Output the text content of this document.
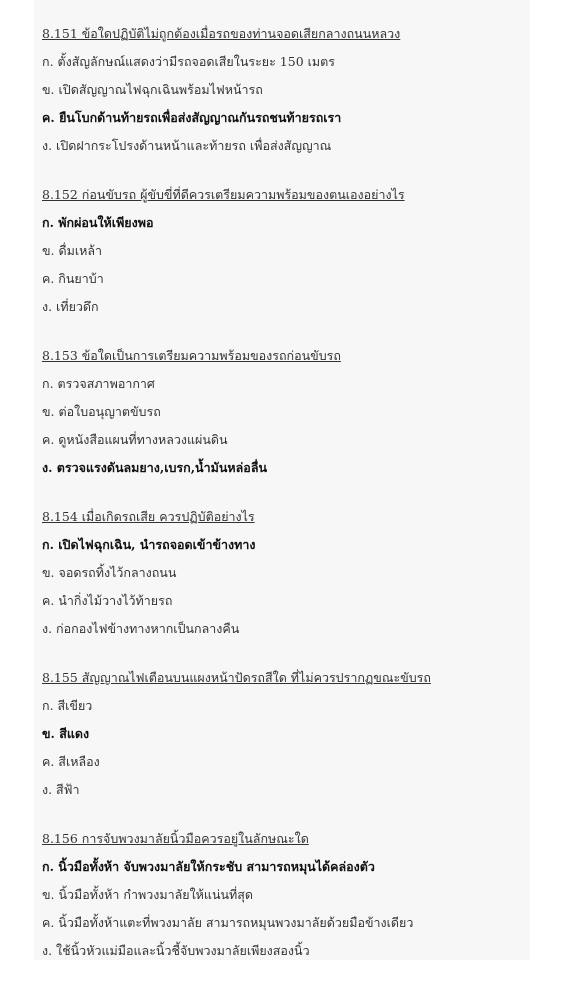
8.151 ข้อใดปฏิบัติไม่ถูกต้องเมื่อรถของท่านจอดเสียกลางถนนหลวง
ก. ตั้งสัญลักษณ์แสดงว่ามีรถจอดเสียในระยะ 150 เมตร
ข. เปิดสัญญาณไฟฉุกเฉินพร้อมไฟหน้ารถ
ค. ยืนโบกด้านท้ายรถเพื่อส่งสัญญาณกันรถชนท้ายรถเรา
ง. เปิดฝากระโปรงด้านหน้าและท้ายรถ เพื่อส่งสัญญาณ
8.152 ก่อนขับรถ ผู้ขับขี่ที่ดีควรเตรียมความพร้อมของตนเองอย่างไร
ก. พักผ่อนให้เพียงพอ
ข. ดื่มเหล้า
ค. กินยาบ้า
ง. เที่ยวดึก
8.153 ข้อใดเป็นการเตรียมความพร้อมของรถก่อนขับรถ
ก. ตรวจสภาพอากาศ
ข. ต่อใบอนุญาตขับรถ
ค. ดูหนังสือแผนที่ทางหลวงแผ่นดิน
ง. ตรวจแรงดันลมยาง,เบรก,น้ำมันหล่อลื่น
8.154 เมื่อเกิดรถเสีย ควรปฏิบัติอย่างไร
ก. เปิดไฟฉุกเฉิน, นำรถจอดเข้าข้างทาง
ข. จอดรถทิ้งไว้กลางถนน
ค. นำกิ่งไม้วางไว้ท้ายรถ
ง. ก่อกองไฟข้างทางหากเป็นกลางคืน
8.155 สัญญาณไฟเตือนบนแผงหน้าปัดรถสีใด ที่ไม่ควรปรากฏขณะขับรถ
ก. สีเขียว
ข. สีแดง
ค. สีเหลือง
ง. สีฟ้า
8.156 การจับพวงมาลัยนิ้วมือควรอยู่ในลักษณะใด
ก. นิ้วมือทั้งห้า จับพวงมาลัยให้กระชับ สามารถหมุนได้คล่องตัว
ข. นิ้วมือทั้งห้า กำพวงมาลัยให้แน่นที่สุด
ค. นิ้วมือทั้งห้าแตะที่พวงมาลัย สามารถหมุนพวงมาลัยด้วยมือข้างเดียว
ง. ใช้นิ้วหัวแม่มือและนิ้วชี้จับพวงมาลัยเพียงสองนิ้ว
